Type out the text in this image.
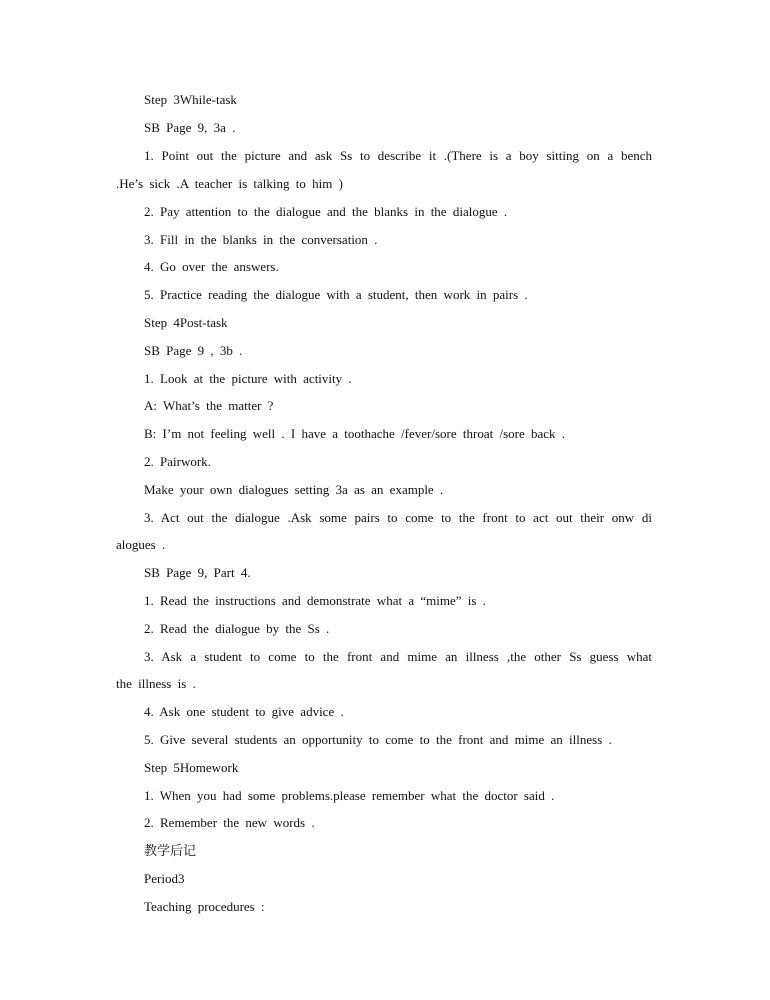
Step 3While-task
SB Page 9, 3a .
1. Point out the picture and ask Ss to describe it .(There is a boy sitting on a bench
.He’s sick .A teacher is talking to him )
2. Pay attention to the dialogue and the blanks in the dialogue .
3. Fill in the blanks in the conversation .
4. Go over the answers.
5. Practice reading the dialogue with a student, then work in pairs .
Step 4Post-task
SB Page 9 , 3b .
1. Look at the picture with activity .
A: What’s the matter ?
B: I’m not feeling well . I have a toothache /fever/sore throat /sore back .
2. Pairwork.
Make your own dialogues setting 3a as an example .
3. Act out the dialogue .Ask some pairs to come to the front to act out their onw di
alogues .
SB Page 9, Part 4.
1. Read the instructions and demonstrate what a “mime” is .
2. Read the dialogue by the Ss .
3. Ask a student to come to the front and mime an illness ,the other Ss guess what
the illness is .
4. Ask one student to give advice .
5. Give several students an opportunity to come to the front and mime an illness .
Step 5Homework
1. When you had some problems.please remember what the doctor said .
2. Remember the new words .
教学后记
Period3
Teaching procedures :
